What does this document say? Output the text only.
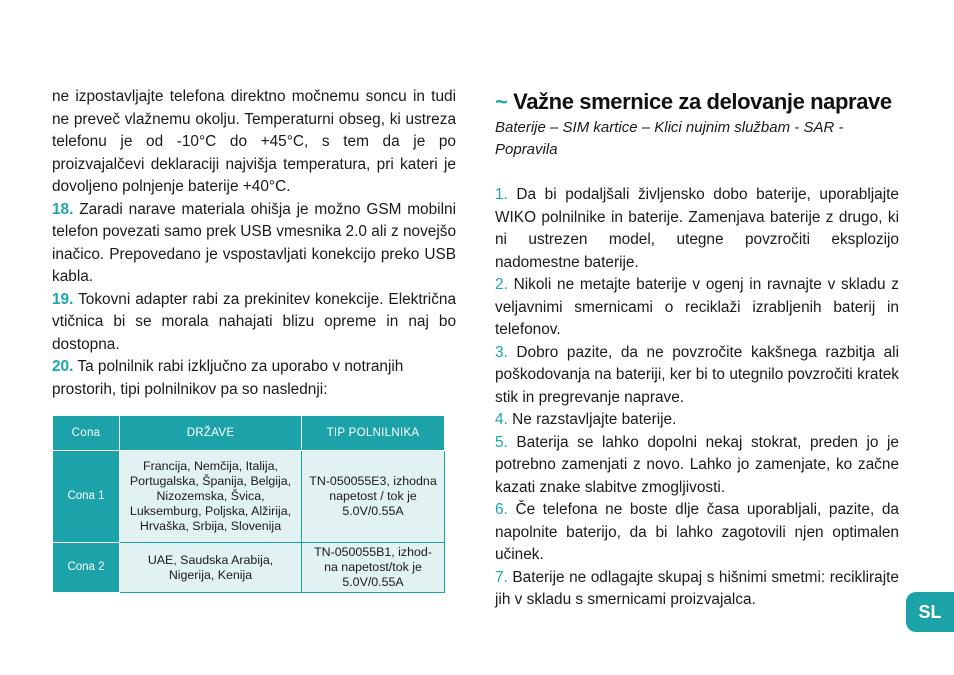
ne izpostavljajte telefona direktno močnemu soncu in tudi ne preveč vlažnemu okolju. Temperaturni obseg, ki ustreza telefonu je od -10°C do +45°C, s tem da je po proizvajalčevi deklaraciji najvišja temperatura, pri kateri je dovoljeno polnjenje baterije +40°C.

18. Zaradi narave materiala ohišja je možno GSM mobilni telefon povezati samo prek USB vmesnika 2.0 ali z novejšo inačico. Prepovedano je vspostavljati konekcijo preko USB kabla.

19. Tokovni adapter rabi za prekinitev konekcije. Električna vtičnica bi se morala nahajati blizu opreme in naj bo dostopna.

20. Ta polnilnik rabi izključno za uporabo v notranjih prostorih, tipi polnilnikov pa so naslednji:

Cona	DRŽAVE	TIP POLNILNIKA
Cona 1	Francija, Nemčija, Italija, Portugalska, Španija, Belgija, Nizozemska, Švica, Luksemburg, Poljska, Alžirija, Hrvaška, Srbija, Slovenija	TN-050055E3, izhodna napetost / tok je 5.0V/0.55A
Cona 2	UAE, Saudska Arabija, Nigerija, Kenija	TN-050055B1, izhod- na napetost/tok je 5.0V/0.55A
~ Važne smernice za delovanje naprave

Baterije – SIM kartice – Klici nujnim službam - SAR - Popravila

1. Da bi podaljšali življensko dobo baterije, uporabljajte WIKO polnilnike in baterije. Zamenjava baterije z drugo, ki ni ustrezen model, utegne povzročiti eksplozijo nadomestne baterije.

2. Nikoli ne metajte baterije v ogenj in ravnajte v skladu z veljavnimi smernicami o reciklaži izrabljenih baterij in telefonov.

3. Dobro pazite, da ne povzročite kakšnega razbitja ali poškodovanja na bateriji, ker bi to utegnilo povzročiti kratek stik in pregrevanje naprave.

4. Ne razstavljajte baterije.

5. Baterija se lahko dopolni nekaj stokrat, preden jo je potrebno zamenjati z novo. Lahko jo zamenjate, ko začne kazati znake slabitve zmogljivosti.

6. Če telefona ne boste dlje časa uporabljali, pazite, da napolnite baterijo, da bi lahko zagotovili njen optimalen učinek.

7. Baterije ne odlagajte skupaj s hišnimi smetmi: reciklirajte jih v skladu s smernicami proizvajalca.

SL
